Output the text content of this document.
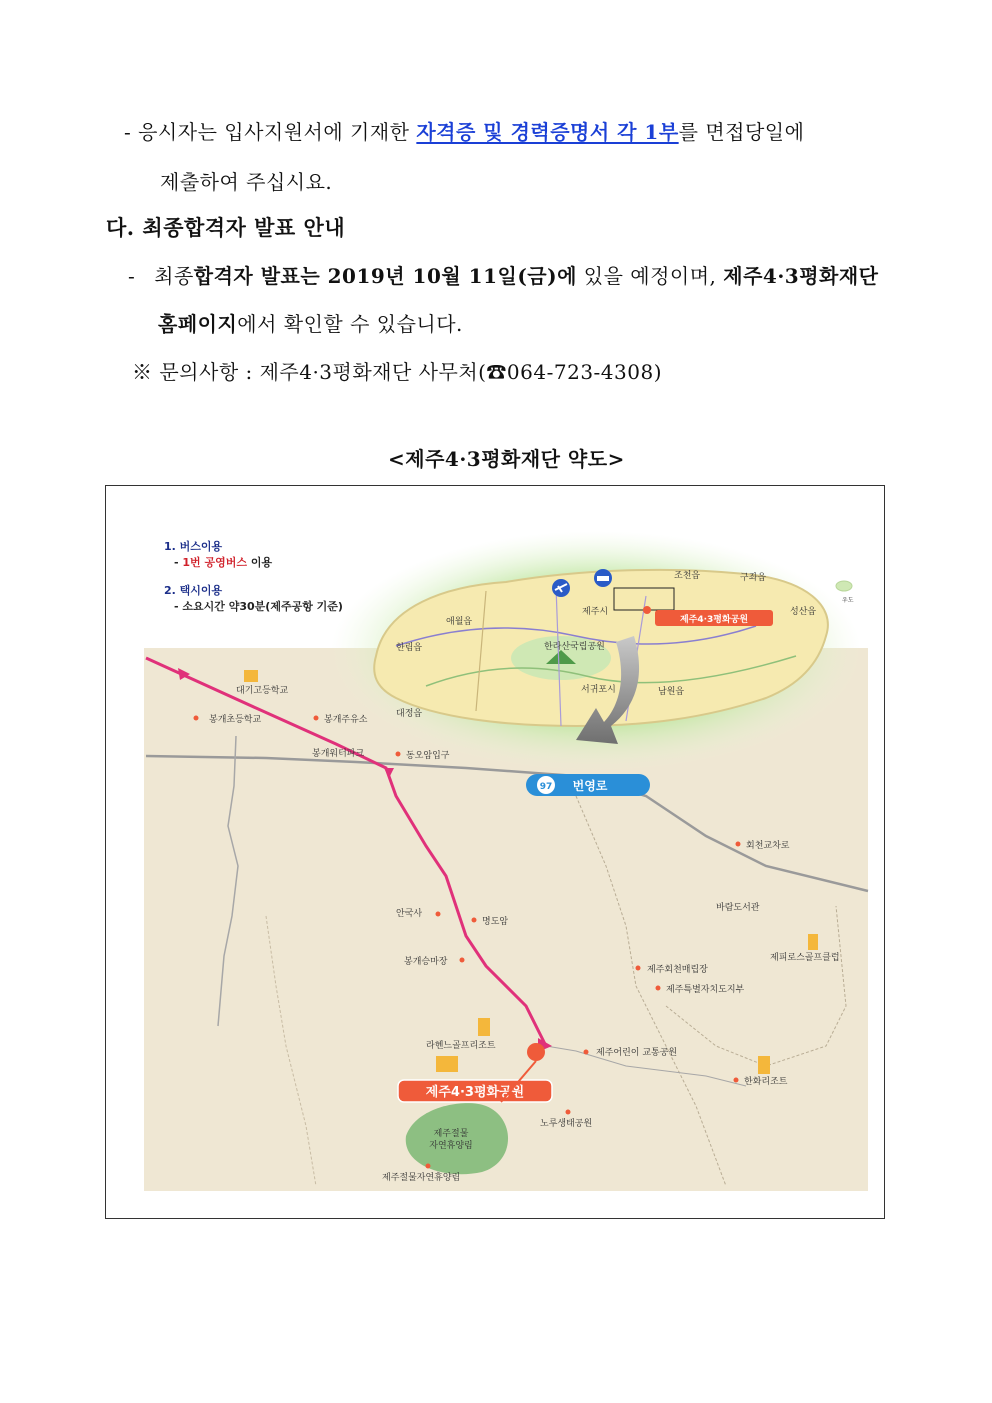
- 응시자는 입사지원서에 기재한 자격증 및 경력증명서 각 1부를 면접당일에
제출하여 주십시요.
다. 최종합격자 발표 안내
- 최종합격자 발표는 2019년 10월 11일(금)에 있을 예정이며, 제주4·3평화재단
홈페이지에서 확인할 수 있습니다.
※ 문의사항 : 제주4·3평화재단 사무처(☎064-723-4308)
<제주4·3평화재단 약도>
제주4·3평화공원
조천읍	구좌읍
성산읍
제주시
애월읍
한림읍	한라산국립공원
대정읍
서귀포시	남원읍
우도
97 번영로
대기고등학교
봉개초등학교	봉개주유소
봉개워터파크	동오암입구
회천교차로
안국사
명도암
봉개승마장
바람도서관
제피로스골프클럽
제주회천매립장
제주특별자치도지부
라헨느골프리조트
제주어린이 교통공원
한화리조트
제주4·3평화공원
노루생태공원
제주절물
자연휴양림
제주절물자연휴양림
1. 버스이용
- 1번 공영버스 이용
2. 택시이용
- 소요시간 약30분(제주공항 기준)
